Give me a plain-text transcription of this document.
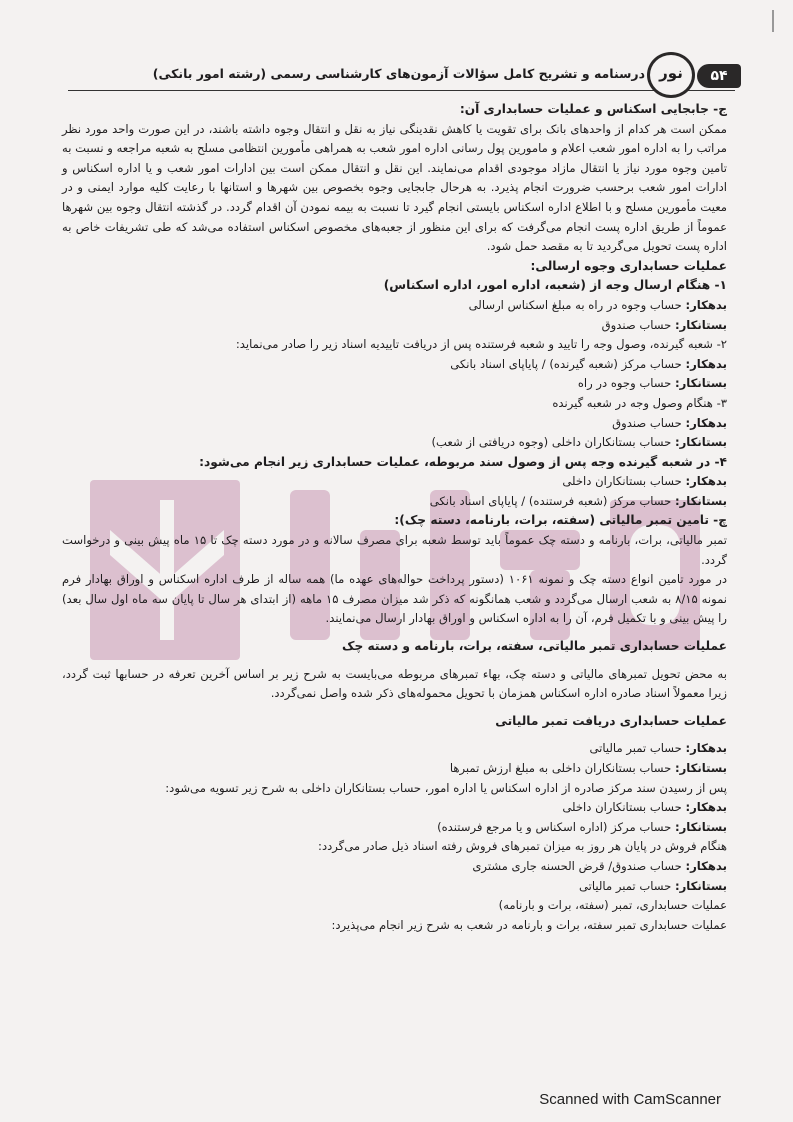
۵۴
نور
درسنامه و تشریح کامل سؤالات آزمون‌های کارشناسی رسمی (رشته امور بانکی)

ج- جابجایی اسکناس و عملیات حسابداری آن:

ممکن است هر کدام از واحدهای بانک برای تقویت یا کاهش نقدینگی نیاز به نقل و انتقال وجوه داشته باشند، در این صورت واحد مورد نظر مراتب را به اداره امور شعب اعلام و مامورین پول رسانی اداره امور شعب به همراهی مأمورین انتظامی مسلح به شعبه مراجعه و نسبت به تامین وجوه مورد نیاز یا انتقال مازاد موجودی اقدام می‌نمایند. این نقل و انتقال ممکن است بین ادارات امور شعب و یا اداره اسکناس و ادارات امور شعب برحسب ضرورت انجام پذیرد. به هرحال جابجایی وجوه بخصوص بین شهرها و استانها با رعایت کلیه موارد ایمنی و در معیت مأمورین مسلح و با اطلاع اداره اسکناس بایستی انجام گیرد تا نسبت به بیمه نمودن آن اقدام گردد. در گذشته انتقال وجوه بین شهرها عموماً از طریق اداره پست انجام می‌گرفت که برای این منظور از جعبه‌های مخصوص اسکناس استفاده می‌شد که طی تشریفات خاص به اداره پست تحویل می‌گردید تا به مقصد حمل شود.

عملیات حسابداری وجوه ارسالی:

۱- هنگام ارسال وجه از (شعبه، اداره امور، اداره اسکناس)

بدهکار: حساب وجوه در راه به مبلغ اسکناس ارسالی

بستانکار: حساب صندوق

۲- شعبه گیرنده، وصول وجه را تایید و شعبه فرستنده پس از دریافت تاییدیه اسناد زیر را صادر می‌نماید:

بدهکار: حساب مرکز (شعبه گیرنده) / پایاپای اسناد بانکی

بستانکار: حساب وجوه در راه

۳- هنگام وصول وجه در شعبه گیرنده

بدهکار: حساب صندوق

بستانکار: حساب بستانکاران داخلی (وجوه دریافتی از شعب)

۴- در شعبه گیرنده وجه پس از وصول سند مربوطه، عملیات حسابداری زیر انجام می‌شود:

بدهکار: حساب بستانکاران داخلی

بستانکار: حساب مرکز (شعبه فرستنده) / پایاپای اسناد بانکی

چ- تامین تمبر مالیاتی (سفته، برات، بارنامه، دسته چک):

تمبر مالیاتی، برات، بارنامه و دسته چک عموماً باید توسط شعبه برای مصرف سالانه و در مورد دسته چک تا ۱۵ ماه پیش بینی و درخواست گردد.

در مورد تامین انواع دسته چک و نمونه ۱۰۶۱ (دستور پرداخت حواله‌های عهده ما) همه ساله از طرف اداره اسکناس و اوراق بهادار فرم نمونه ۸/۱۵ به شعب ارسال می‌گردد و شعب همانگونه که ذکر شد میزان مصرف ۱۵ ماهه (از ابتدای هر سال تا پایان سه ماه اول سال بعد) را پیش بینی و با تکمیل فرم، آن را به اداره اسکناس و اوراق بهادار ارسال می‌نمایند.

عملیات حسابداری تمبر مالیاتی، سفته، برات، بارنامه و دسته چک

به محض تحویل تمبرهای مالیاتی و دسته چک، بهاء تمبرهای مربوطه می‌بایست به شرح زیر بر اساس آخرین تعرفه در حسابها ثبت گردد، زیرا معمولاً اسناد صادره اداره اسکناس همزمان با تحویل محموله‌های ذکر شده واصل نمی‌گردد.

عملیات حسابداری دریافت تمبر مالیاتی

بدهکار: حساب تمبر مالیاتی

بستانکار: حساب بستانکاران داخلی به مبلغ ارزش تمبرها

پس از رسیدن سند مرکز صادره از اداره اسکناس یا اداره امور، حساب بستانکاران داخلی به شرح زیر تسویه می‌شود:

بدهکار: حساب بستانکاران داخلی

بستانکار: حساب مرکز (اداره اسکناس و یا مرجع فرستنده)

هنگام فروش در پایان هر روز به میزان تمبرهای فروش رفته اسناد ذیل صادر می‌گردد:

بدهکار: حساب صندوق/ قرض الحسنه جاری مشتری

بستانکار: حساب تمبر مالیاتی

عملیات حسابداری، تمبر (سفته، برات و بارنامه)

عملیات حسابداری تمبر سفته، برات و بارنامه در شعب به شرح زیر انجام می‌پذیرد:

Scanned with CamScanner
